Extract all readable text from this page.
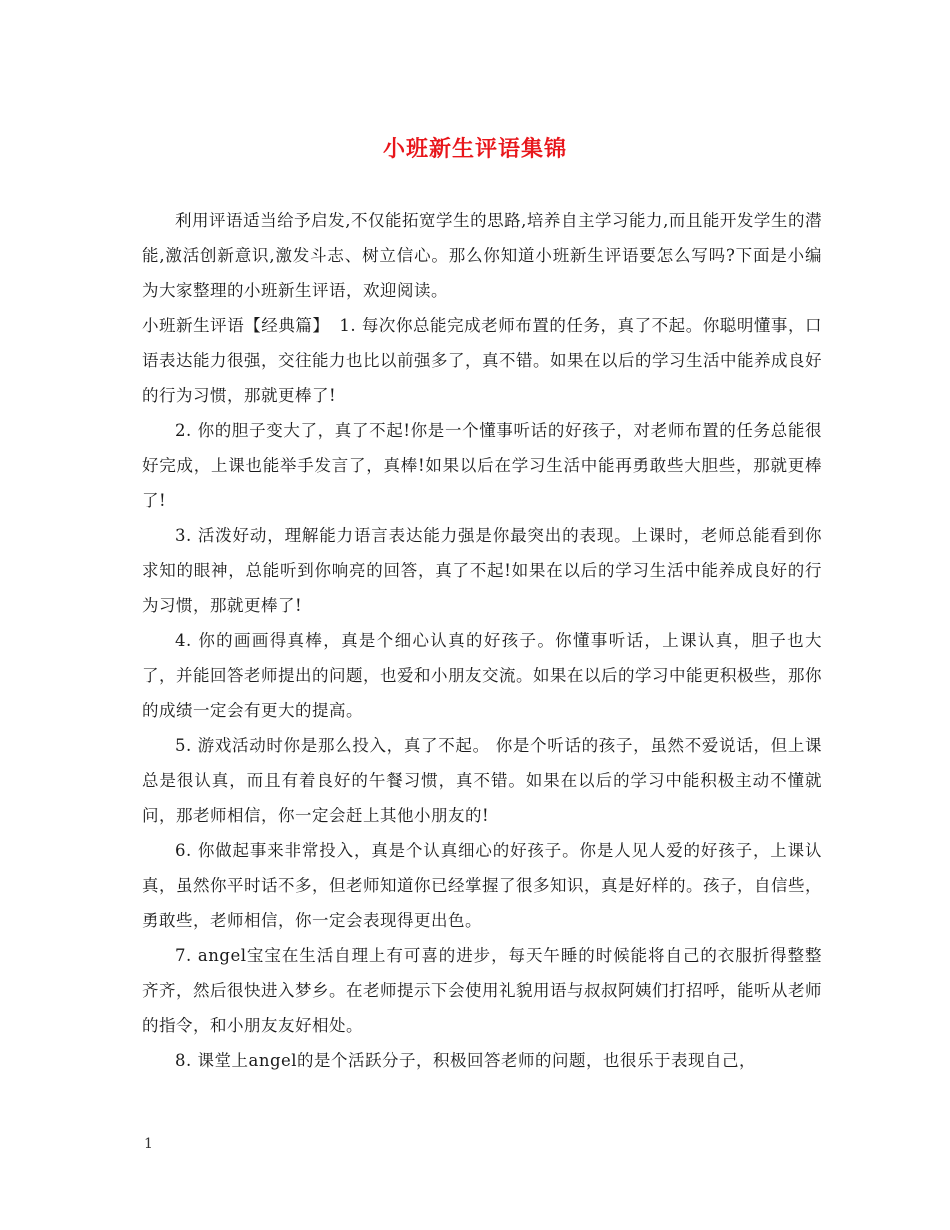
小班新生评语集锦

利用评语适当给予启发,不仅能拓宽学生的思路,培养自主学习能力,而且能开发学生的潜能,激活创新意识,激发斗志、树立信心。那么你知道小班新生评语要怎么写吗?下面是小编为大家整理的小班新生评语，欢迎阅读。

小班新生评语【经典篇】 1. 每次你总能完成老师布置的任务，真了不起。你聪明懂事，口语表达能力很强，交往能力也比以前强多了，真不错。如果在以后的学习生活中能养成良好的行为习惯，那就更棒了!

2. 你的胆子变大了，真了不起!你是一个懂事听话的好孩子，对老师布置的任务总能很好完成，上课也能举手发言了，真棒!如果以后在学习生活中能再勇敢些大胆些，那就更棒了!

3. 活泼好动，理解能力语言表达能力强是你最突出的表现。上课时，老师总能看到你求知的眼神，总能听到你响亮的回答，真了不起!如果在以后的学习生活中能养成良好的行为习惯，那就更棒了!

4. 你的画画得真棒，真是个细心认真的好孩子。你懂事听话，上课认真，胆子也大了，并能回答老师提出的问题，也爱和小朋友交流。如果在以后的学习中能更积极些，那你的成绩一定会有更大的提高。

5. 游戏活动时你是那么投入，真了不起。 你是个听话的孩子，虽然不爱说话，但上课总是很认真，而且有着良好的午餐习惯，真不错。如果在以后的学习中能积极主动不懂就问，那老师相信，你一定会赶上其他小朋友的!

6. 你做起事来非常投入，真是个认真细心的好孩子。你是人见人爱的好孩子，上课认真，虽然你平时话不多，但老师知道你已经掌握了很多知识，真是好样的。孩子，自信些，勇敢些，老师相信，你一定会表现得更出色。

7. angel宝宝在生活自理上有可喜的进步，每天午睡的时候能将自己的衣服折得整整齐齐，然后很快进入梦乡。在老师提示下会使用礼貌用语与叔叔阿姨们打招呼，能听从老师的指令，和小朋友友好相处。

8. 课堂上angel的是个活跃分子，积极回答老师的问题，也很乐于表现自己，

1
